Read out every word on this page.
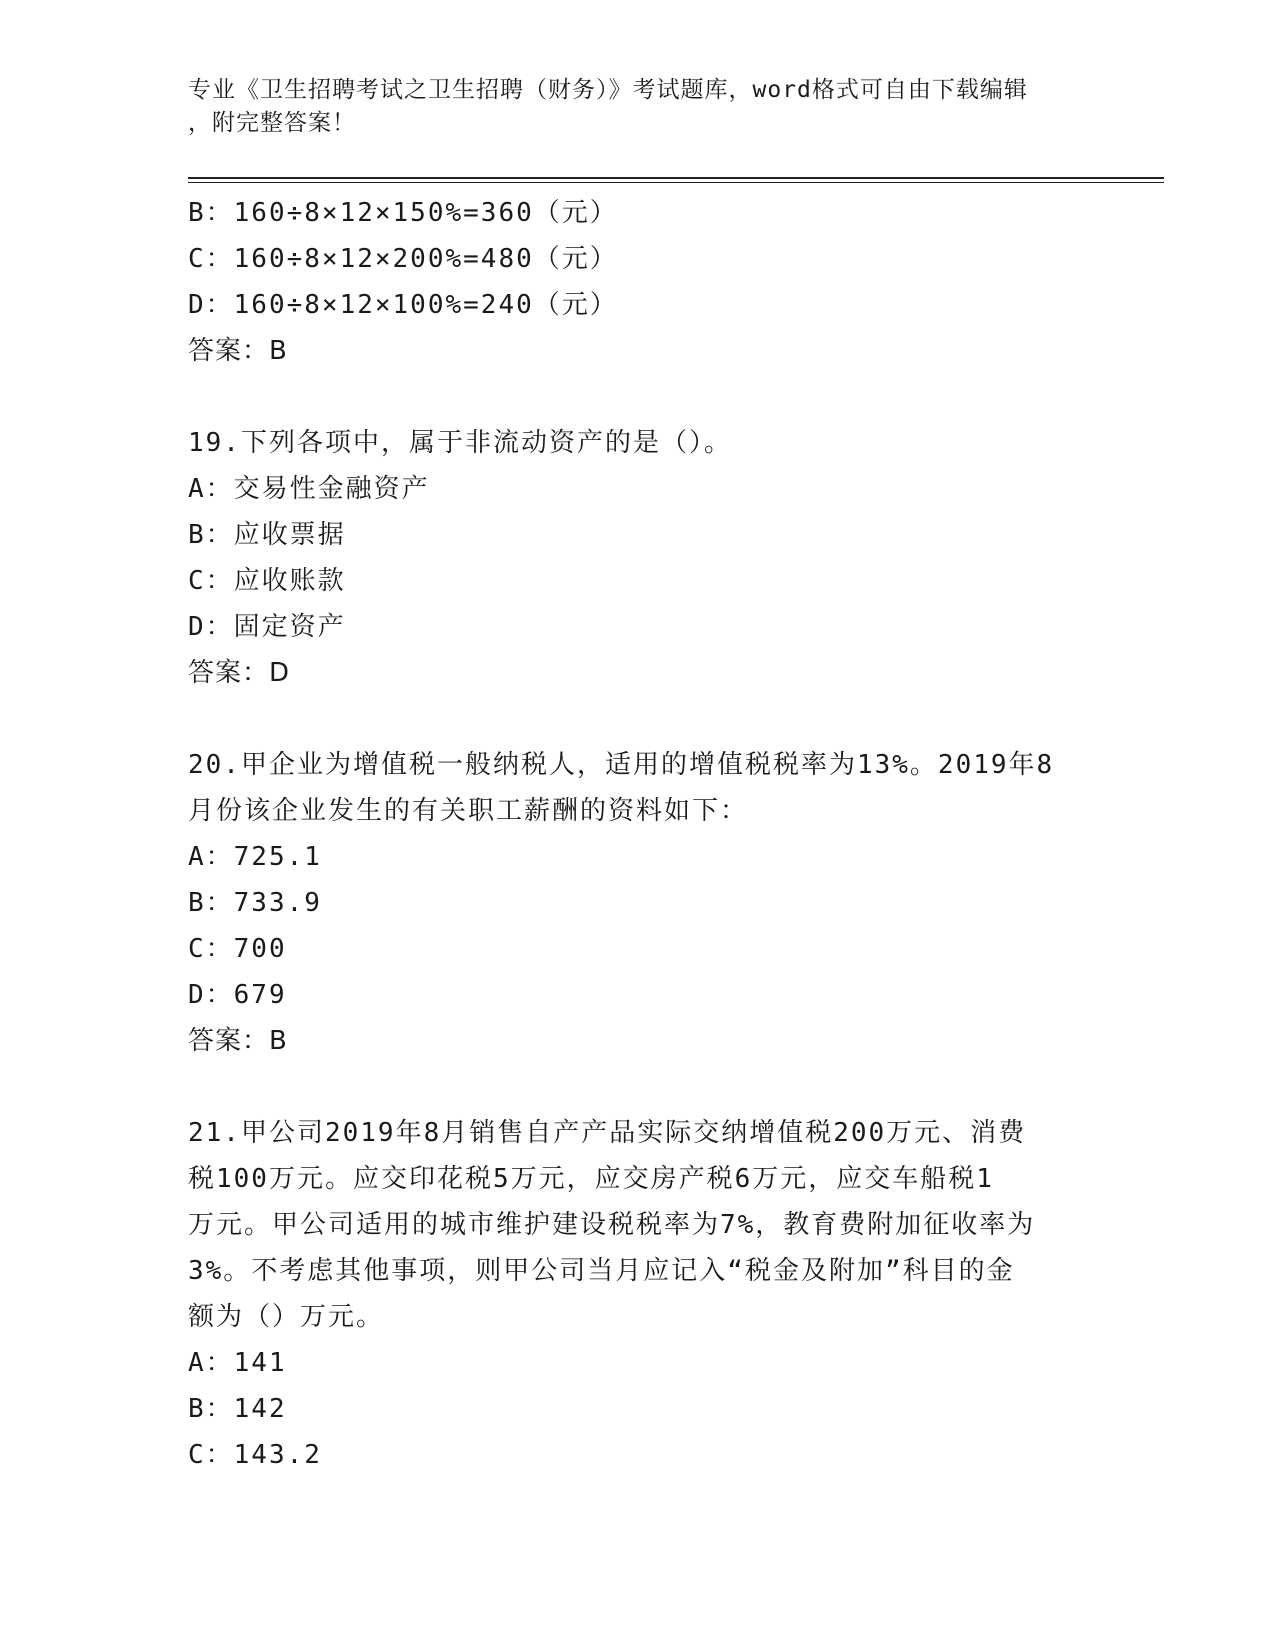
专业《卫生招聘考试之卫生招聘（财务）》考试题库，word格式可自由下载编辑
，附完整答案！
B：160÷8×12×150%=360（元）
C：160÷8×12×200%=480（元）
D：160÷8×12×100%=240（元）
答案：B
19.下列各项中，属于非流动资产的是（）。
A：交易性金融资产
B：应收票据
C：应收账款
D：固定资产
答案：D
20.甲企业为增值税一般纳税人，适用的增值税税率为13%。2019年8
月份该企业发生的有关职工薪酬的资料如下：
A：725.1
B：733.9
C：700
D：679
答案：B
21.甲公司2019年8月销售自产产品实际交纳增值税200万元、消费
税100万元。应交印花税5万元，应交房产税6万元，应交车船税1
万元。甲公司适用的城市维护建设税税率为7%，教育费附加征收率为
3%。不考虑其他事项，则甲公司当月应记入“税金及附加”科目的金
额为（）万元。
A：141
B：142
C：143.2
